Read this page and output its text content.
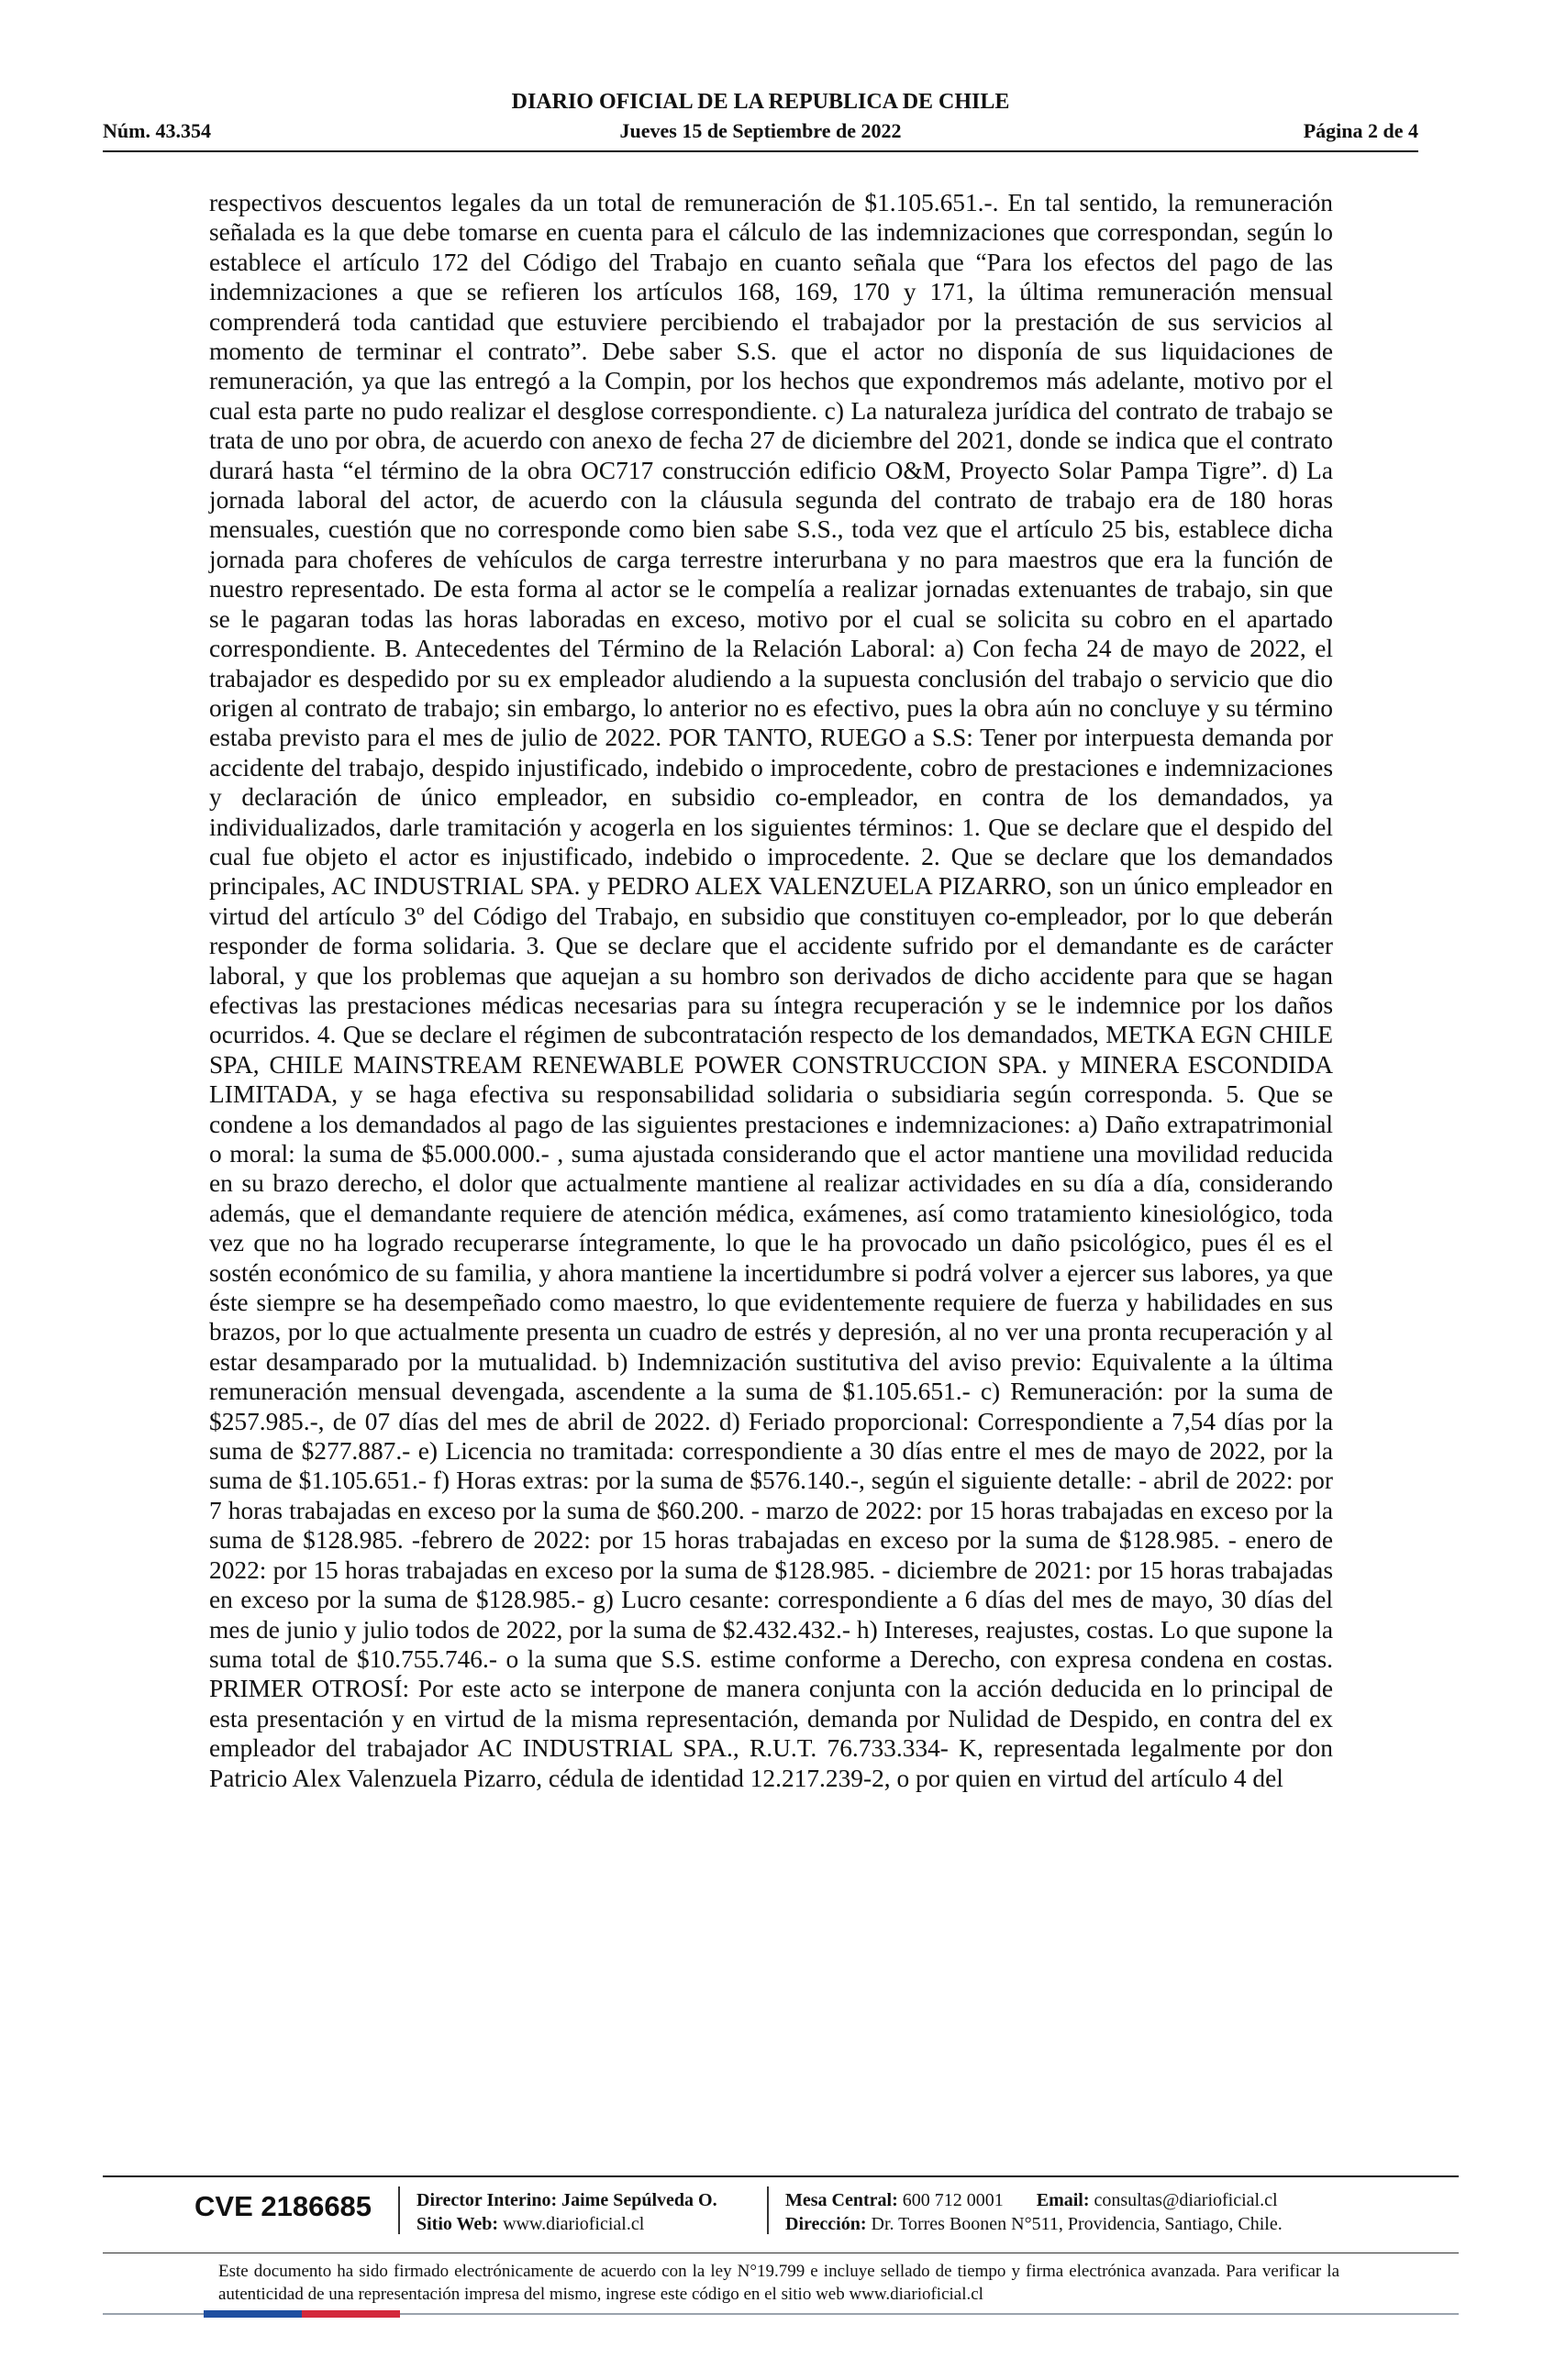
DIARIO OFICIAL DE LA REPUBLICA DE CHILE
Núm. 43.354	Jueves 15 de Septiembre de 2022	Página 2 de 4

respectivos descuentos legales da un total de remuneración de $1.105.651.-. En tal sentido, la remuneración señalada es la que debe tomarse en cuenta para el cálculo de las indemnizaciones que correspondan, según lo establece el artículo 172 del Código del Trabajo en cuanto señala que “Para los efectos del pago de las indemnizaciones a que se refieren los artículos 168, 169, 170 y 171, la última remuneración mensual comprenderá toda cantidad que estuviere percibiendo el trabajador por la prestación de sus servicios al momento de terminar el contrato”. Debe saber S.S. que el actor no disponía de sus liquidaciones de remuneración, ya que las entregó a la Compin, por los hechos que expondremos más adelante, motivo por el cual esta parte no pudo realizar el desglose correspondiente. c) La naturaleza jurídica del contrato de trabajo se trata de uno por obra, de acuerdo con anexo de fecha 27 de diciembre del 2021, donde se indica que el contrato durará hasta “el término de la obra OC717 construcción edificio O&M, Proyecto Solar Pampa Tigre”. d) La jornada laboral del actor, de acuerdo con la cláusula segunda del contrato de trabajo era de 180 horas mensuales, cuestión que no corresponde como bien sabe S.S., toda vez que el artículo 25 bis, establece dicha jornada para choferes de vehículos de carga terrestre interurbana y no para maestros que era la función de nuestro representado. De esta forma al actor se le compelía a realizar jornadas extenuantes de trabajo, sin que se le pagaran todas las horas laboradas en exceso, motivo por el cual se solicita su cobro en el apartado correspondiente. B. Antecedentes del Término de la Relación Laboral: a) Con fecha 24 de mayo de 2022, el trabajador es despedido por su ex empleador aludiendo a la supuesta conclusión del trabajo o servicio que dio origen al contrato de trabajo; sin embargo, lo anterior no es efectivo, pues la obra aún no concluye y su término estaba previsto para el mes de julio de 2022. POR TANTO, RUEGO a S.S: Tener por interpuesta demanda por accidente del trabajo, despido injustificado, indebido o improcedente, cobro de prestaciones e indemnizaciones y declaración de único empleador, en subsidio co-empleador, en contra de los demandados, ya individualizados, darle tramitación y acogerla en los siguientes términos: 1. Que se declare que el despido del cual fue objeto el actor es injustificado, indebido o improcedente. 2. Que se declare que los demandados principales, AC INDUSTRIAL SPA. y PEDRO ALEX VALENZUELA PIZARRO, son un único empleador en virtud del artículo 3º del Código del Trabajo, en subsidio que constituyen co-empleador, por lo que deberán responder de forma solidaria. 3. Que se declare que el accidente sufrido por el demandante es de carácter laboral, y que los problemas que aquejan a su hombro son derivados de dicho accidente para que se hagan efectivas las prestaciones médicas necesarias para su íntegra recuperación y se le indemnice por los daños ocurridos. 4. Que se declare el régimen de subcontratación respecto de los demandados, METKA EGN CHILE SPA, CHILE MAINSTREAM RENEWABLE POWER CONSTRUCCION SPA. y MINERA ESCONDIDA LIMITADA, y se haga efectiva su responsabilidad solidaria o subsidiaria según corresponda. 5. Que se condene a los demandados al pago de las siguientes prestaciones e indemnizaciones: a) Daño extrapatrimonial o moral: la suma de $5.000.000.- , suma ajustada considerando que el actor mantiene una movilidad reducida en su brazo derecho, el dolor que actualmente mantiene al realizar actividades en su día a día, considerando además, que el demandante requiere de atención médica, exámenes, así como tratamiento kinesiológico, toda vez que no ha logrado recuperarse íntegramente, lo que le ha provocado un daño psicológico, pues él es el sostén económico de su familia, y ahora mantiene la incertidumbre si podrá volver a ejercer sus labores, ya que éste siempre se ha desempeñado como maestro, lo que evidentemente requiere de fuerza y habilidades en sus brazos, por lo que actualmente presenta un cuadro de estrés y depresión, al no ver una pronta recuperación y al estar desamparado por la mutualidad. b) Indemnización sustitutiva del aviso previo: Equivalente a la última remuneración mensual devengada, ascendente a la suma de $1.105.651.- c) Remuneración: por la suma de $257.985.-, de 07 días del mes de abril de 2022. d) Feriado proporcional: Correspondiente a 7,54 días por la suma de $277.887.- e) Licencia no tramitada: correspondiente a 30 días entre el mes de mayo de 2022, por la suma de $1.105.651.- f) Horas extras: por la suma de $576.140.-, según el siguiente detalle: - abril de 2022: por 7 horas trabajadas en exceso por la suma de $60.200. - marzo de 2022: por 15 horas trabajadas en exceso por la suma de $128.985. -febrero de 2022: por 15 horas trabajadas en exceso por la suma de $128.985. - enero de 2022: por 15 horas trabajadas en exceso por la suma de $128.985. - diciembre de 2021: por 15 horas trabajadas en exceso por la suma de $128.985.- g) Lucro cesante: correspondiente a 6 días del mes de mayo, 30 días del mes de junio y julio todos de 2022, por la suma de $2.432.432.- h) Intereses, reajustes, costas. Lo que supone la suma total de $10.755.746.- o la suma que S.S. estime conforme a Derecho, con expresa condena en costas. PRIMER OTROSÍ: Por este acto se interpone de manera conjunta con la acción deducida en lo principal de esta presentación y en virtud de la misma representación, demanda por Nulidad de Despido, en contra del ex empleador del trabajador AC INDUSTRIAL SPA., R.U.T. 76.733.334- K, representada legalmente por don Patricio Alex Valenzuela Pizarro, cédula de identidad 12.217.239-2, o por quien en virtud del artículo 4 del

CVE 2186685 Director Interino: Jaime Sepúlveda O.
Sitio Web: www.diarioficial.cl
Mesa Central: 600 712 0001 Email: consultas@diarioficial.cl
Dirección: Dr. Torres Boonen N°511, Providencia, Santiago, Chile.

Este documento ha sido firmado electrónicamente de acuerdo con la ley N°19.799 e incluye sellado de tiempo y firma electrónica avanzada. Para verificar la autenticidad de una representación impresa del mismo, ingrese este código en el sitio web www.diarioficial.cl
